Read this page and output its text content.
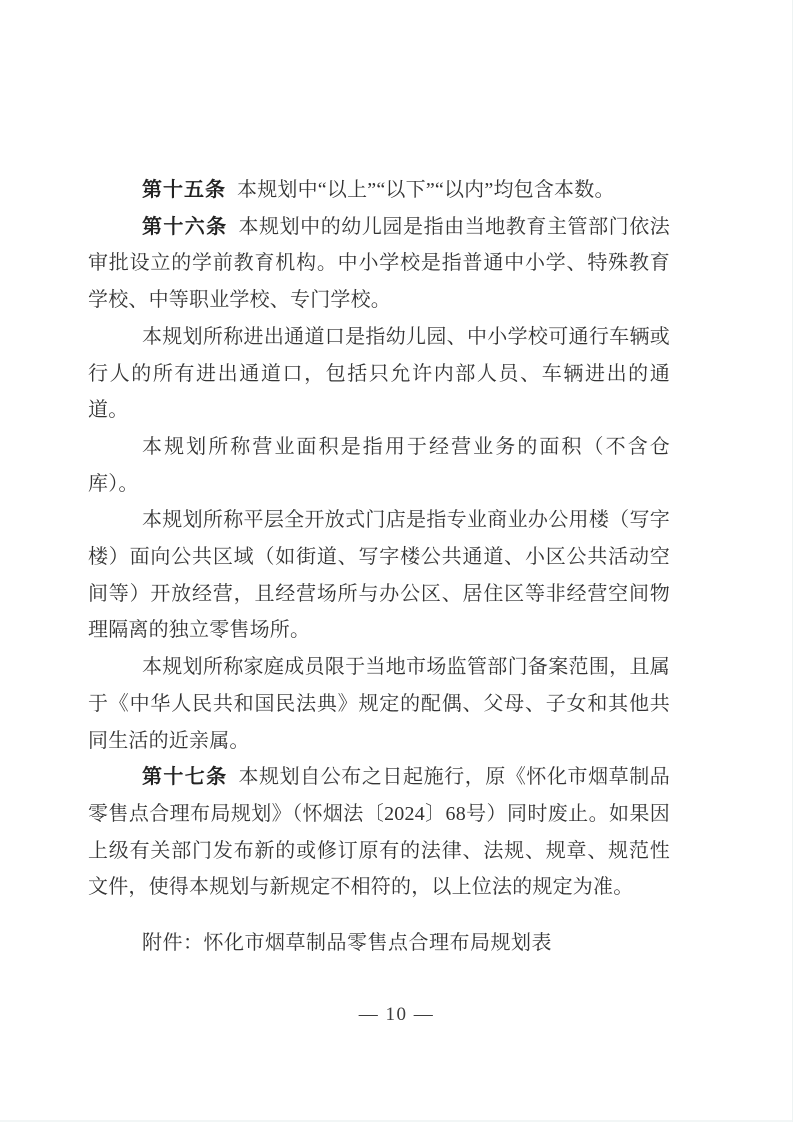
第十五条 本规划中“以上”“以下”“以内”均包含本数。

第十六条 本规划中的幼儿园是指由当地教育主管部门依法审批设立的学前教育机构。中小学校是指普通中小学、特殊教育学校、中等职业学校、专门学校。

本规划所称进出通道口是指幼儿园、中小学校可通行车辆或行人的所有进出通道口，包括只允许内部人员、车辆进出的通道。

本规划所称营业面积是指用于经营业务的面积（不含仓库）。

本规划所称平层全开放式门店是指专业商业办公用楼（写字楼）面向公共区域（如街道、写字楼公共通道、小区公共活动空间等）开放经营，且经营场所与办公区、居住区等非经营空间物理隔离的独立零售场所。

本规划所称家庭成员限于当地市场监管部门备案范围，且属于《中华人民共和国民法典》规定的配偶、父母、子女和其他共同生活的近亲属。

第十七条 本规划自公布之日起施行，原《怀化市烟草制品零售点合理布局规划》（怀烟法〔2024〕68号）同时废止。如果因上级有关部门发布新的或修订原有的法律、法规、规章、规范性文件，使得本规划与新规定不相符的，以上位法的规定为准。

附件：怀化市烟草制品零售点合理布局规划表

— 10 —
